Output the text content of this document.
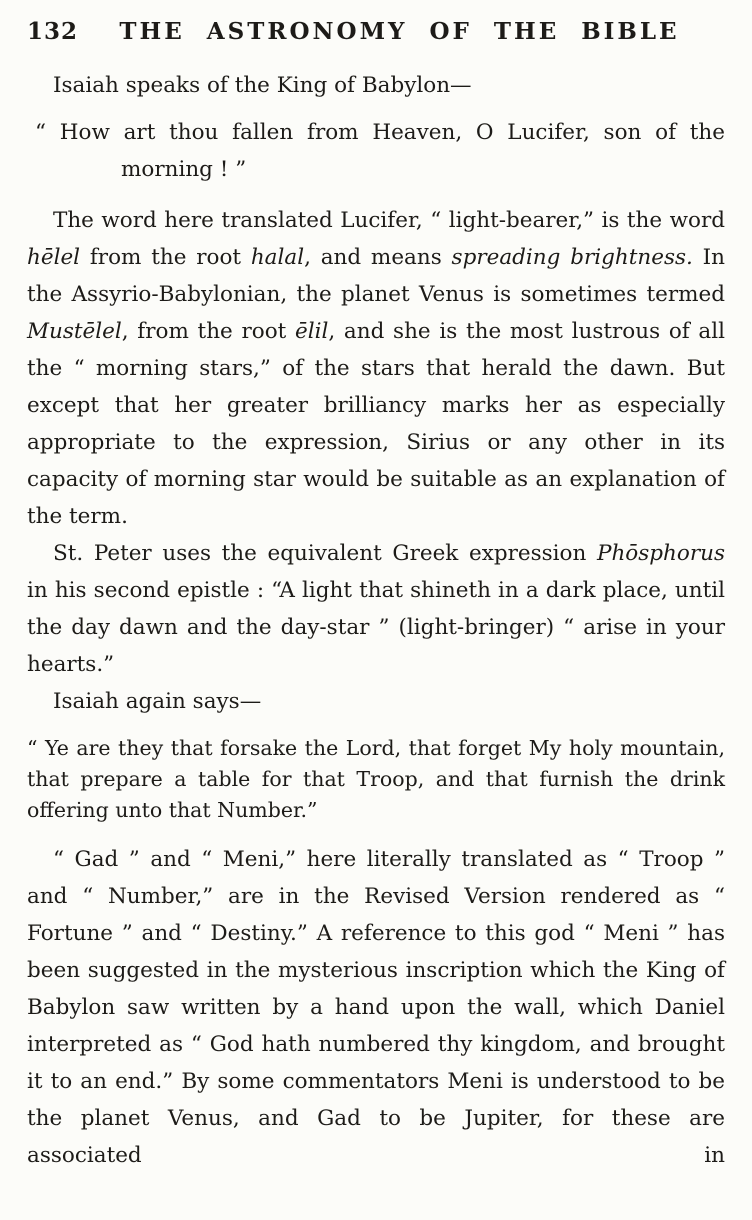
132	THE ASTRONOMY OF THE BIBLE

Isaiah speaks of the King of Babylon—

“ How art thou fallen from Heaven, O Lucifer, son of the morning ! ”

The word here translated Lucifer, “ light-bearer,” is the word hēlel from the root halal, and means spreading brightness. In the Assyrio-Babylonian, the planet Venus is sometimes termed Mustēlel, from the root ēlil, and she is the most lustrous of all the “ morning stars,” of the stars that herald the dawn. But except that her greater brilliancy marks her as especially appropriate to the expression, Sirius or any other in its capacity of morning star would be suitable as an explanation of the term.

St. Peter uses the equivalent Greek expression Phōsphorus in his second epistle : “A light that shineth in a dark place, until the day dawn and the day-star ” (light-bringer) “ arise in your hearts.”

Isaiah again says—

“ Ye are they that forsake the Lord, that forget My holy mountain, that prepare a table for that Troop, and that furnish the drink offering unto that Number.”

“ Gad ” and “ Meni,” here literally translated as “ Troop ” and “ Number,” are in the Revised Version rendered as “ Fortune ” and “ Destiny.” A reference to this god “ Meni ” has been suggested in the mysterious inscription which the King of Babylon saw written by a hand upon the wall, which Daniel interpreted as “ God hath numbered thy kingdom, and brought it to an end.” By some commentators Meni is understood to be the planet Venus, and Gad to be Jupiter, for these are associated in
